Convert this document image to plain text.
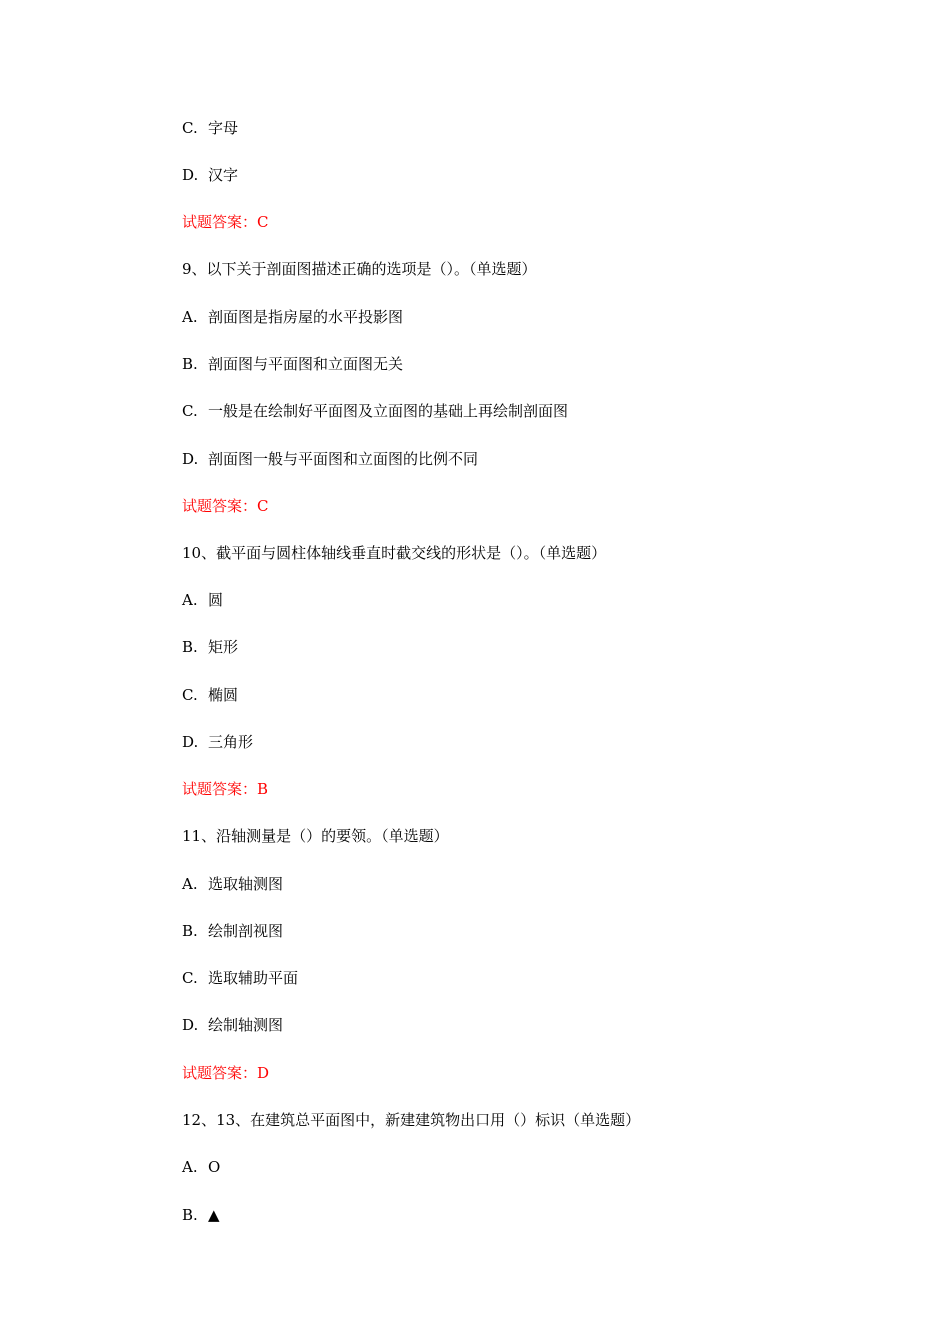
C. 字母
D. 汉字
试题答案：C
9、以下关于剖面图描述正确的选项是（）。（单选题）
A. 剖面图是指房屋的水平投影图
B. 剖面图与平面图和立面图无关
C. 一般是在绘制好平面图及立面图的基础上再绘制剖面图
D. 剖面图一般与平面图和立面图的比例不同
试题答案：C
10、截平面与圆柱体轴线垂直时截交线的形状是（）。（单选题）
A. 圆
B. 矩形
C. 椭圆
D. 三角形
试题答案：B
11、沿轴测量是（）的要领。（单选题）
A. 选取轴测图
B. 绘制剖视图
C. 选取辅助平面
D. 绘制轴测图
试题答案：D
12、13、在建筑总平面图中，新建建筑物出口用（）标识（单选题）
A. O
B. ▲
